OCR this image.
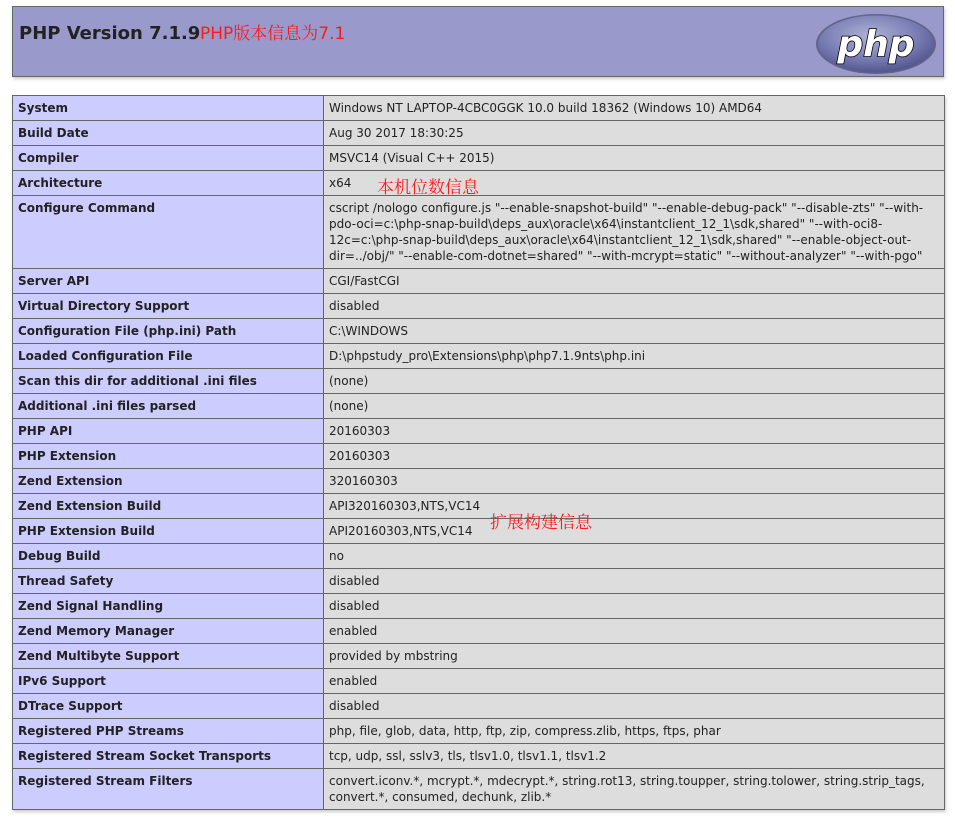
PHP Version 7.1.9	php
PHP版本信息为7.1
本机位数信息
扩展构建信息
System	Windows NT LAPTOP-4CBC0GGK 10.0 build 18362 (Windows 10) AMD64
Build Date	Aug 30 2017 18:30:25
Compiler	MSVC14 (Visual C++ 2015)
Architecture	x64
Configure Command	cscript /nologo configure.js "--enable-snapshot-build" "--enable-debug-pack" "--disable-zts" "--with-pdo-oci=c:\php-snap-build\deps_aux\oracle\x64\instantclient_12_1\sdk,shared" "--with-oci8-12c=c:\php-snap-build\deps_aux\oracle\x64\instantclient_12_1\sdk,shared" "--enable-object-out-dir=../obj/" "--enable-com-dotnet=shared" "--with-mcrypt=static" "--without-analyzer" "--with-pgo"
Server API	CGI/FastCGI
Virtual Directory Support	disabled
Configuration File (php.ini) Path	C:\WINDOWS
Loaded Configuration File	D:\phpstudy_pro\Extensions\php\php7.1.9nts\php.ini
Scan this dir for additional .ini files	(none)
Additional .ini files parsed	(none)
PHP API	20160303
PHP Extension	20160303
Zend Extension	320160303
Zend Extension Build	API320160303,NTS,VC14
PHP Extension Build	API20160303,NTS,VC14
Debug Build	no
Thread Safety	disabled
Zend Signal Handling	disabled
Zend Memory Manager	enabled
Zend Multibyte Support	provided by mbstring
IPv6 Support	enabled
DTrace Support	disabled
Registered PHP Streams	php, file, glob, data, http, ftp, zip, compress.zlib, https, ftps, phar
Registered Stream Socket Transports	tcp, udp, ssl, sslv3, tls, tlsv1.0, tlsv1.1, tlsv1.2
Registered Stream Filters	convert.iconv.*, mcrypt.*, mdecrypt.*, string.rot13, string.toupper, string.tolower, string.strip_tags, convert.*, consumed, dechunk, zlib.*
